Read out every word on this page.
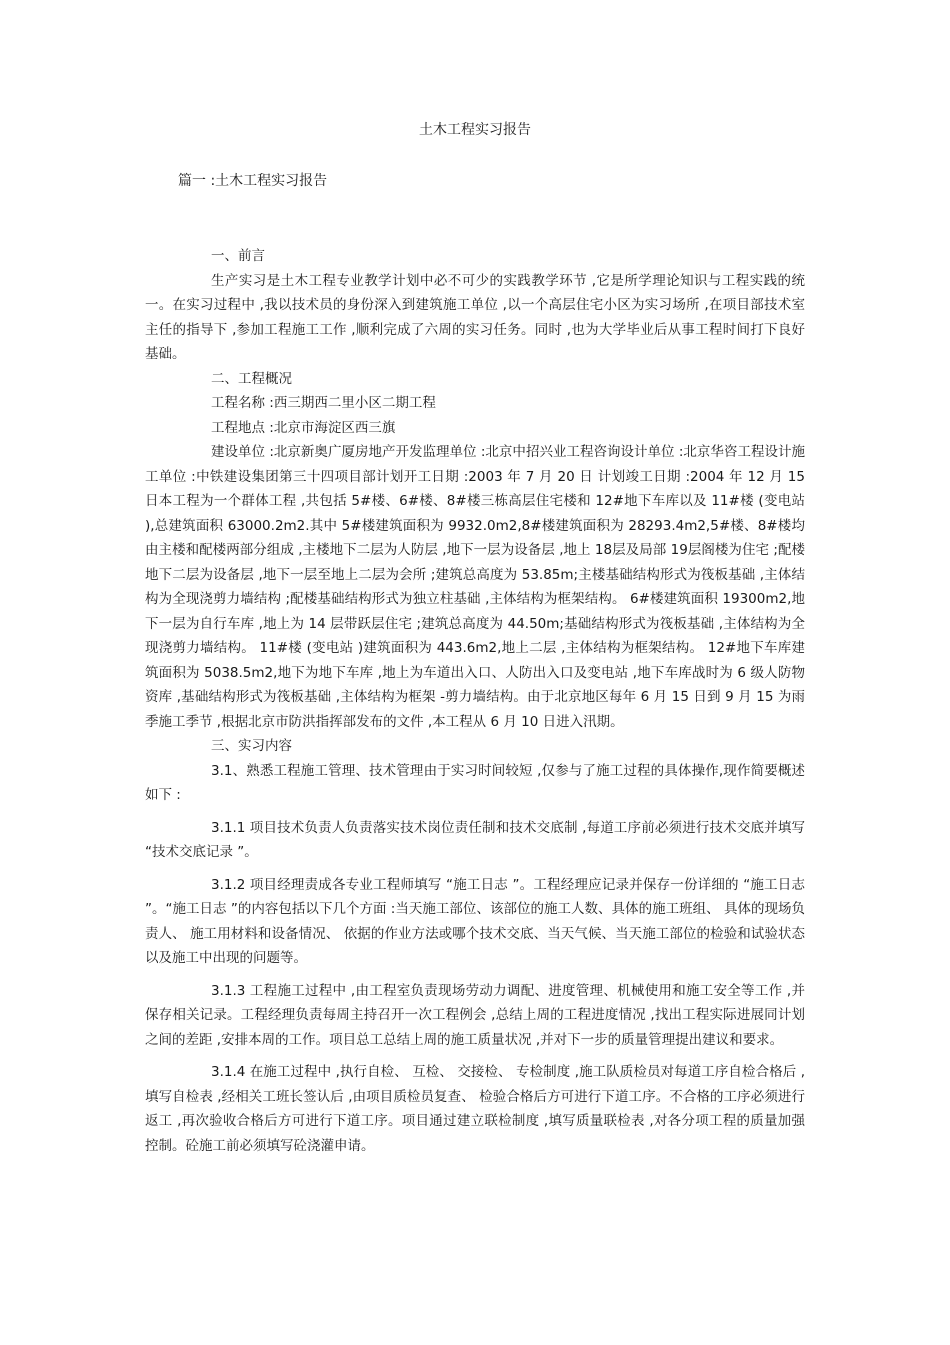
土木工程实习报告
篇一 :土木工程实习报告

一、前言

生产实习是土木工程专业教学计划中必不可少的实践教学环节 ,它是所学理论知识与工程实践的统一。在实习过程中 ,我以技术员的身份深入到建筑施工单位 ,以一个高层住宅小区为实习场所 ,在项目部技术室主任的指导下 ,参加工程施工工作 ,顺利完成了六周的实习任务。同时 ,也为大学毕业后从事工程时间打下良好基础。

二、工程概况

工程名称 :西三期西二里小区二期工程

工程地点 :北京市海淀区西三旗

建设单位 :北京新奥广厦房地产开发监理单位 :北京中招兴业工程咨询设计单位 :北京华咨工程设计施工单位 :中铁建设集团第三十四项目部计划开工日期 :2003 年 7 月 20 日 计划竣工日期 :2004 年 12 月 15 日本工程为一个群体工程 ,共包括 5#楼、6#楼、8#楼三栋高层住宅楼和 12#地下车库以及 11#楼 (变电站 ),总建筑面积 63000.2m2.其中 5#楼建筑面积为 9932.0m2,8#楼建筑面积为 28293.4m2,5#楼、8#楼均由主楼和配楼两部分组成 ,主楼地下二层为人防层 ,地下一层为设备层 ,地上 18层及局部 19层阁楼为住宅 ;配楼地下二层为设备层 ,地下一层至地上二层为会所 ;建筑总高度为 53.85m;主楼基础结构形式为筏板基础 ,主体结构为全现浇剪力墙结构 ;配楼基础结构形式为独立柱基础 ,主体结构为框架结构。 6#楼建筑面积 19300m2,地下一层为自行车库 ,地上为 14 层带跃层住宅 ;建筑总高度为 44.50m;基础结构形式为筏板基础 ,主体结构为全现浇剪力墙结构。 11#楼 (变电站 )建筑面积为 443.6m2,地上二层 ,主体结构为框架结构。 12#地下车库建筑面积为 5038.5m2,地下为地下车库 ,地上为车道出入口、人防出入口及变电站 ,地下车库战时为 6 级人防物资库 ,基础结构形式为筏板基础 ,主体结构为框架 -剪力墙结构。由于北京地区每年 6 月 15 日到 9 月 15 为雨季施工季节 ,根据北京市防洪指挥部发布的文件 ,本工程从 6 月 10 日进入汛期。

三、实习内容

3.1、熟悉工程施工管理、技术管理由于实习时间较短 ,仅参与了施工过程的具体操作,现作简要概述如下 :

3.1.1 项目技术负责人负责落实技术岗位责任制和技术交底制 ,每道工序前必须进行技术交底并填写 “技术交底记录 ”。

3.1.2 项目经理责成各专业工程师填写 “施工日志 ”。工程经理应记录并保存一份详细的 “施工日志 ”。“施工日志 ”的内容包括以下几个方面 :当天施工部位、该部位的施工人数、具体的施工班组、 具体的现场负责人、 施工用材料和设备情况、 依据的作业方法或哪个技术交底、当天气候、当天施工部位的检验和试验状态以及施工中出现的问题等。

3.1.3 工程施工过程中 ,由工程室负责现场劳动力调配、进度管理、机械使用和施工安全等工作 ,并保存相关记录。工程经理负责每周主持召开一次工程例会 ,总结上周的工程进度情况 ,找出工程实际进展同计划之间的差距 ,安排本周的工作。项目总工总结上周的施工质量状况 ,并对下一步的质量管理提出建议和要求。

3.1.4 在施工过程中 ,执行自检、 互检、 交接检、 专检制度 ,施工队质检员对每道工序自检合格后 ,填写自检表 ,经相关工班长签认后 ,由项目质检员复查、 检验合格后方可进行下道工序。不合格的工序必须进行返工 ,再次验收合格后方可进行下道工序。项目通过建立联检制度 ,填写质量联检表 ,对各分项工程的质量加强控制。砼施工前必须填写砼浇灌申请。
